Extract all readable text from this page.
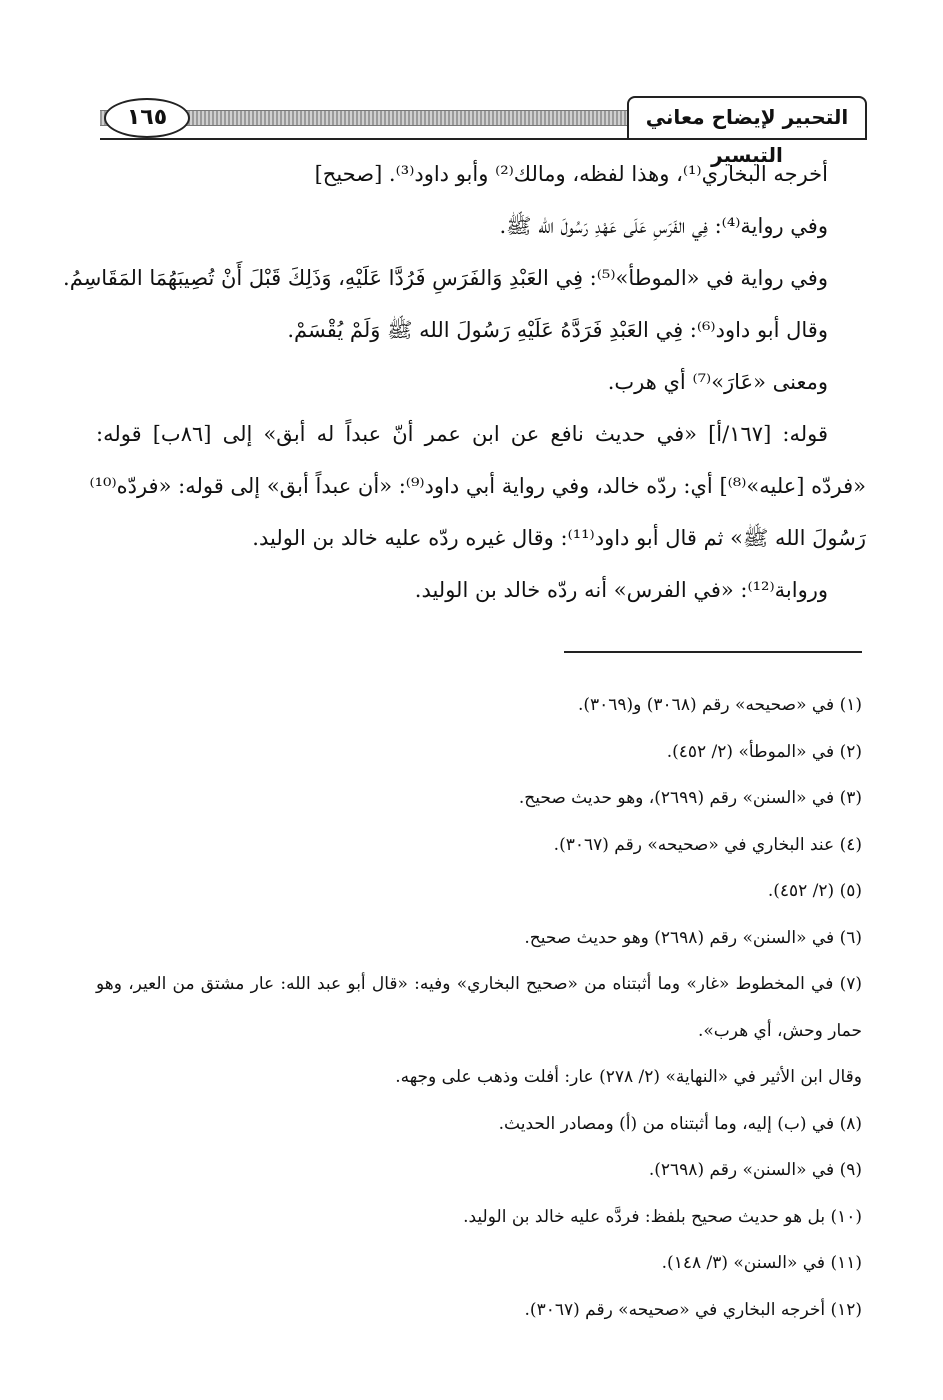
١٦٥	التحبير لإيضاح معاني التيسير

أخرجه البخاري⁨⁽¹⁾⁩، وهذا لفظه، ومالك⁨⁽²⁾⁩ وأبو داود⁨⁽³⁾⁩. [صحيح]

وفي رواية⁨⁽⁴⁾⁩: فِي الفَرَسِ عَلَى عَهْدِ رَسُولَ الله ﷺ.

وفي رواية في «الموطأ»⁨⁽⁵⁾⁩: فِي العَبْدِ وَالفَرَسِ فَرُدَّا عَلَيْهِ، وَذَلِكَ قَبْلَ أَنْ تُصِيبَهُمَا المَقَاسِمُ.

وقال أبو داود⁨⁽⁶⁾⁩: فِي العَبْدِ فَرَدَّهُ عَلَيْهِ رَسُولَ الله ﷺ وَلَمْ يُقْسَمْ.

ومعنى «عَارَ»⁨⁽⁷⁾⁩ أي هرب.

قوله: [١٦٧/أ] «في حديث نافع عن ابن عمر أنّ عبداً له أبق» إلى [٨٦ب] قوله:

«فردّه [عليه»⁨⁽⁸⁾⁩] أي: ردّه خالد، وفي رواية أبي داود⁨⁽⁹⁾⁩: «أن عبداً أبق» إلى قوله: «فردّه⁨⁽¹⁰⁾⁩

رَسُولَ الله ﷺ» ثم قال أبو داود⁨⁽¹¹⁾⁩: وقال غيره ردّه عليه خالد بن الوليد.

وروابة⁨⁽¹²⁾⁩: «في الفرس» أنه ردّه خالد بن الوليد.

(١) في «صحيحه» رقم (٣٠٦٨) و(٣٠٦٩).

(٢) في «الموطأ» (٢/ ٤٥٢).

(٣) في «السنن» رقم (٢٦٩٩)، وهو حديث صحيح.

(٤) عند البخاري في «صحيحه» رقم (٣٠٦٧).

(٥) (٢/ ٤٥٢).

(٦) في «السنن» رقم (٢٦٩٨) وهو حديث صحيح.

(٧) في المخطوط «غار» وما أثبتناه من «صحيح البخاري» وفيه: «قال أبو عبد الله: عار مشتق من العير، وهو

حمار وحش، أي هرب».

وقال ابن الأثير في «النهاية» (٢/ ٢٧٨) عار: أفلت وذهب على وجهه.

(٨) في (ب) إليه، وما أثبتناه من (أ) ومصادر الحديث.

(٩) في «السنن» رقم (٢٦٩٨).

(١٠) بل هو حديث صحيح بلفظ: فردَّه عليه خالد بن الوليد.

(١١) في «السنن» (٣/ ١٤٨).

(١٢) أخرجه البخاري في «صحيحه» رقم (٣٠٦٧).
